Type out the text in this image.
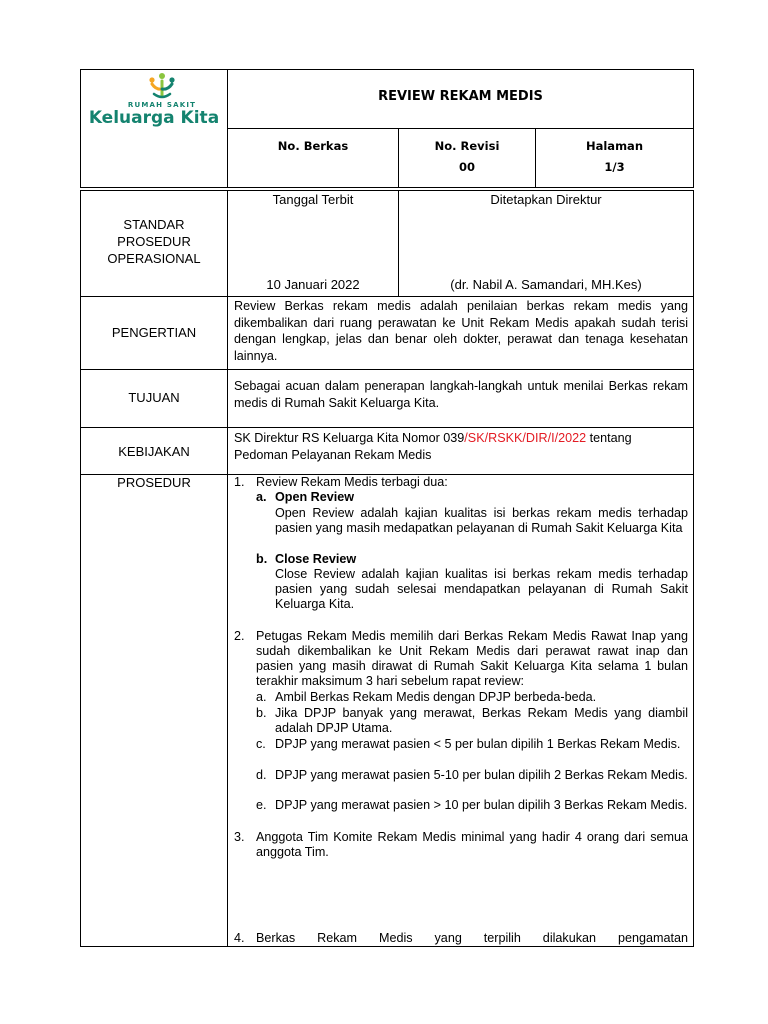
RUMAH SAKIT
Keluarga Kita
REVIEW REKAM MEDIS
No. Berkas	No. Revisi
00
Halaman
1/3
STANDAR
PROSEDUR
OPERASIONAL
Tanggal Terbit
10 Januari 2022
Ditetapkan Direktur
(dr. Nabil A. Samandari, MH.Kes)
PENGERTIAN
Review Berkas rekam medis adalah penilaian berkas rekam medis yang dikembalikan dari ruang perawatan ke Unit Rekam Medis apakah sudah terisi dengan lengkap, jelas dan benar oleh dokter, perawat dan tenaga kesehatan lainnya.
TUJUAN
Sebagai acuan dalam penerapan langkah-langkah untuk menilai Berkas rekam medis di Rumah Sakit Keluarga Kita.
KEBIJAKAN
SK Direktur RS Keluarga Kita Nomor 039/SK/RSKK/DIR/I/2022 tentang Pedoman Pelayanan Rekam Medis
PROSEDUR	1. Review Rekam Medis terbagi dua:
a. Open Review
Open Review adalah kajian kualitas isi berkas rekam medis terhadap pasien yang masih medapatkan pelayanan di Rumah Sakit Keluarga Kita
b. Close Review
Close Review adalah kajian kualitas isi berkas rekam medis terhadap pasien yang sudah selesai mendapatkan pelayanan di Rumah Sakit Keluarga Kita.
2. Petugas Rekam Medis memilih dari Berkas Rekam Medis Rawat Inap yang sudah dikembalikan ke Unit Rekam Medis dari perawat rawat inap dan pasien yang masih dirawat di Rumah Sakit Keluarga Kita selama 1 bulan terakhir maksimum 3 hari sebelum rapat review:
a. Ambil Berkas Rekam Medis dengan DPJP berbeda-beda.
b. Jika DPJP banyak yang merawat, Berkas Rekam Medis yang diambil adalah DPJP Utama.
c. DPJP yang merawat pasien < 5 per bulan dipilih 1 Berkas Rekam Medis.
d. DPJP yang merawat pasien 5-10 per bulan dipilih 2 Berkas Rekam Medis.
e. DPJP yang merawat pasien > 10 per bulan dipilih 3 Berkas Rekam Medis.
3. Anggota Tim Komite Rekam Medis minimal yang hadir 4 orang dari semua anggota Tim.
4. Berkas Rekam Medis yang terpilih dilakukan pengamatan
